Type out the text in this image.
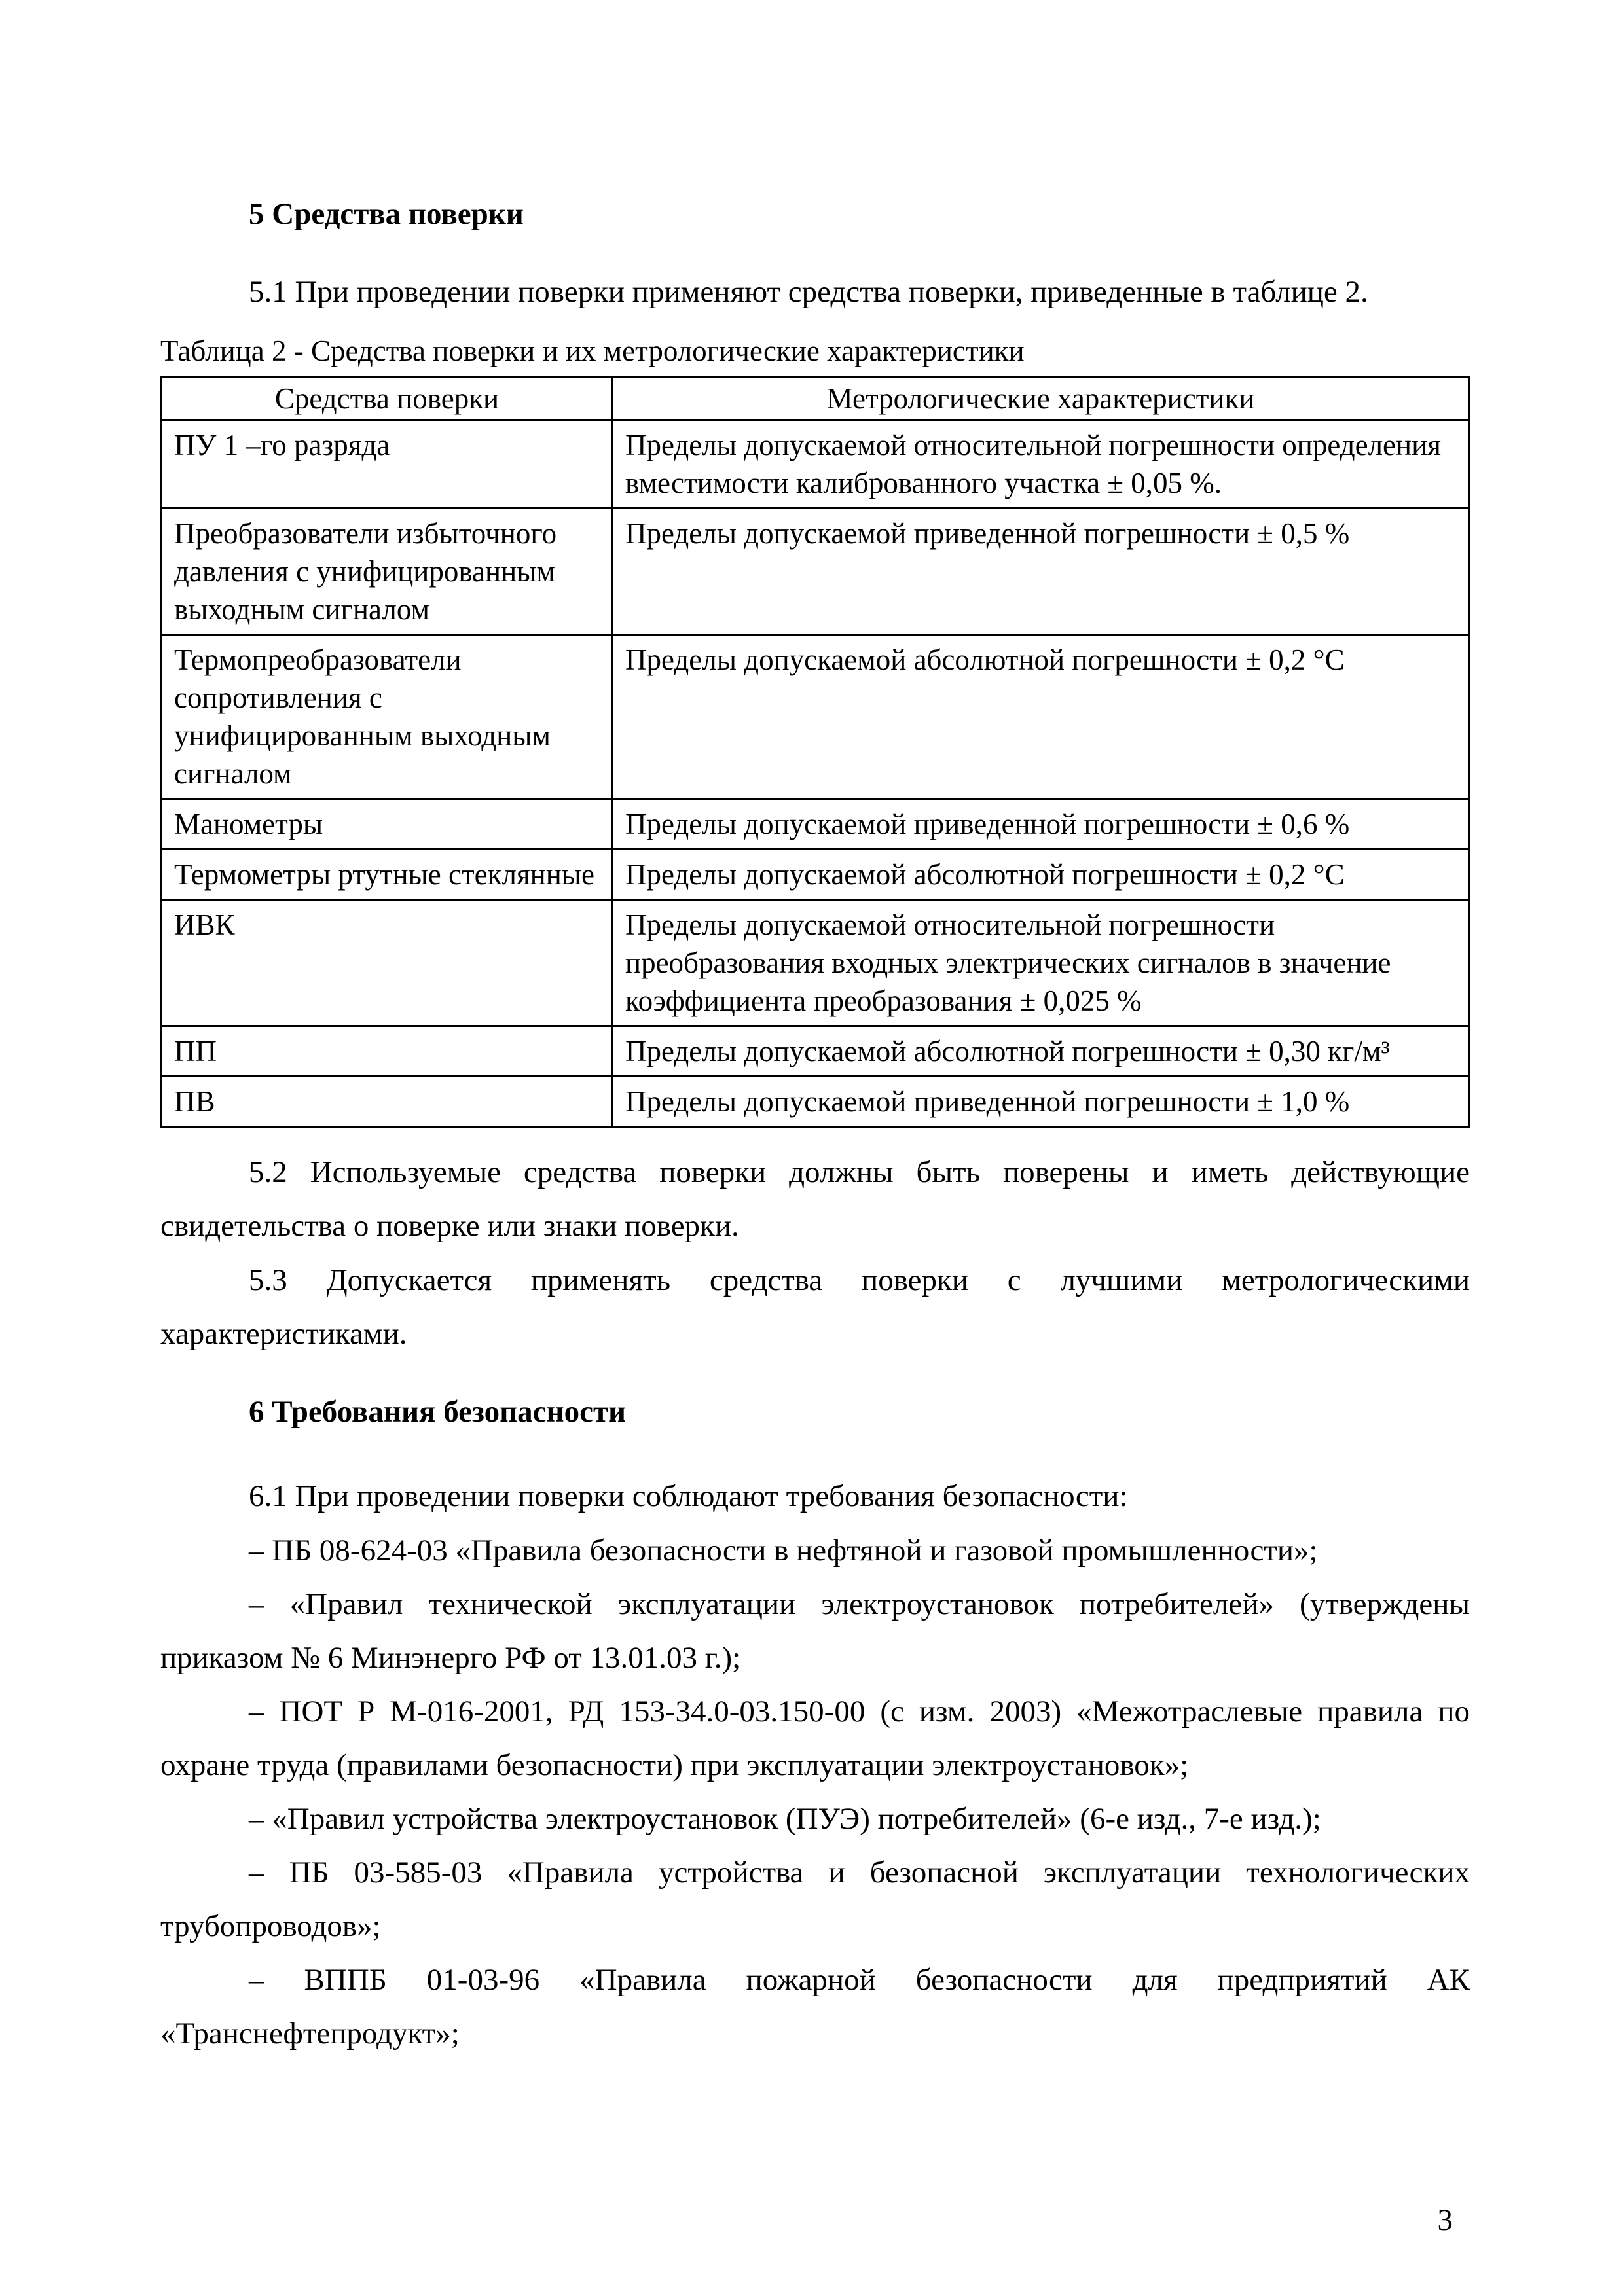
5 Средства поверки
5.1 При проведении поверки применяют средства поверки, приведенные в таблице 2.
Таблица 2 - Средства поверки и их метрологические характеристики
Средства поверки	Метрологические характеристики
ПУ 1 –го разряда	Пределы допускаемой относительной погрешности определения вместимости калиброванного участка ± 0,05 %.
Преобразователи избыточного давления с унифицированным выходным сигналом	Пределы допускаемой приведенной погрешности ± 0,5 %
Термопреобразователи сопротивления с унифицированным выходным сигналом	Пределы допускаемой абсолютной погрешности ± 0,2 °С
Манометры	Пределы допускаемой приведенной погрешности ± 0,6 %
Термометры ртутные стеклянные	Пределы допускаемой абсолютной погрешности ± 0,2 °С
ИВК	Пределы допускаемой относительной погрешности преобразования входных электрических сигналов в значение коэффициента преобразования ± 0,025 %
ПП	Пределы допускаемой абсолютной погрешности ± 0,30 кг/м³
ПВ	Пределы допускаемой приведенной погрешности ± 1,0 %
5.2 Используемые средства поверки должны быть поверены и иметь действующие свидетельства о поверке или знаки поверки.
5.3 Допускается применять средства поверки с лучшими метрологическими характеристиками.
6 Требования безопасности
6.1 При проведении поверки соблюдают требования безопасности:

– ПБ 08-624-03 «Правила безопасности в нефтяной и газовой промышленности»;

– «Правил технической эксплуатации электроустановок потребителей» (утверждены приказом № 6 Минэнерго РФ от 13.01.03 г.);

– ПОТ Р М-016-2001, РД 153-34.0-03.150-00 (с изм. 2003) «Межотраслевые правила по охране труда (правилами безопасности) при эксплуатации электроустановок»;

– «Правил устройства электроустановок (ПУЭ) потребителей» (6-е изд., 7-е изд.);

– ПБ 03-585-03 «Правила устройства и безопасной эксплуатации технологических трубопроводов»;

– ВППБ 01-03-96 «Правила пожарной безопасности для предприятий АК «Транснефтепродукт»;

3
